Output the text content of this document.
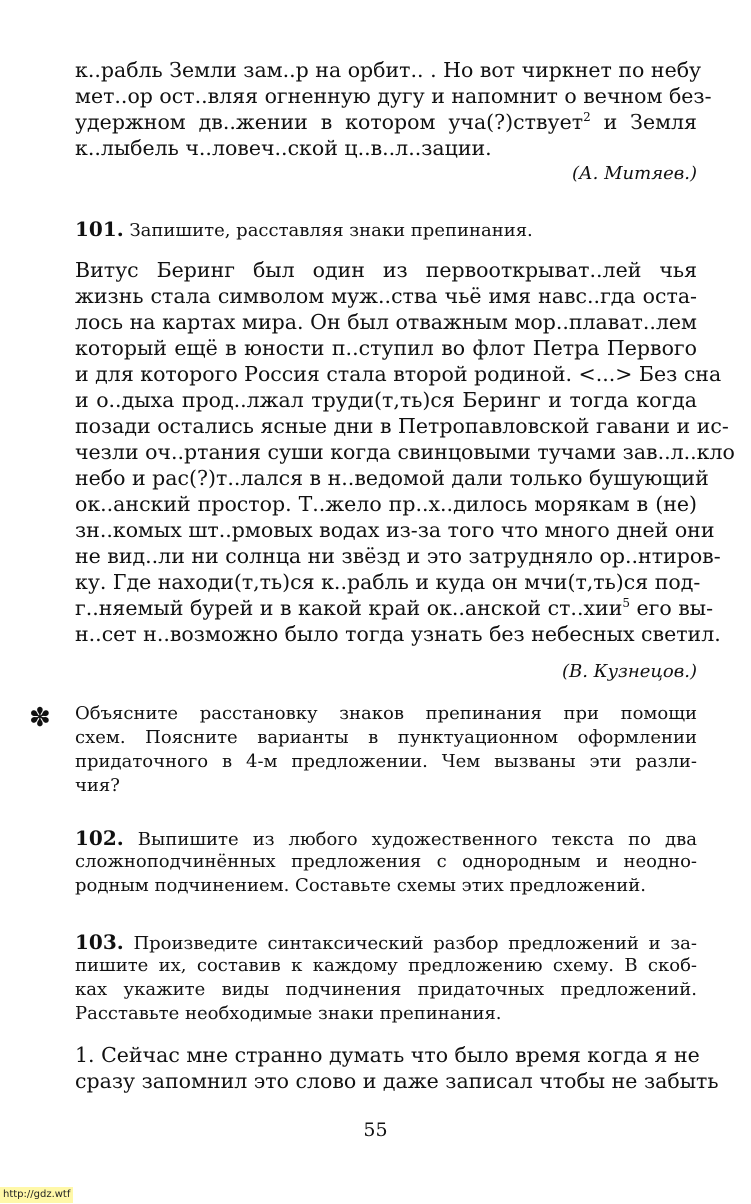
к..рабль Земли зам..р на орбит.. . Но вот чиркнет по небу
мет..ор ост..вляя огненную дугу и напомнит о вечном без-
удержном дв..жении в котором уча(?)ствует$^2$ и Земля
к..лыбель ч..ловеч..ской ц..в..л..зации.
(А. Митяев.)
101. Запишите, расставляя знаки препинания.
Витус Беринг был один из первооткрыват..лей чья
жизнь стала символом муж..ства чьё имя навс..гда оста-
лось на картах мира. Он был отважным мор..плават..лем
который ещё в юности п..ступил во флот Петра Первого
и для которого Россия стала второй родиной. <...> Без сна
и о..дыха прод..лжал труди(т,ть)ся Беринг и тогда когда
позади остались ясные дни в Петропавловской гавани и ис-
чезли оч..ртания суши когда свинцовыми тучами зав..л..кло
небо и рас(?)т..лался в н..ведомой дали только бушующий
ок..анский простор. Т..жело пр..х..дилось морякам в (не)
зн..комых шт..рмовых водах из-за того что много дней они
не вид..ли ни солнца ни звёзд и это затрудняло ор..нтиров-
ку. Где находи(т,ть)ся к..рабль и куда он мчи(т,ть)ся под-
г..няемый бурей и в какой край ок..анской ст..хии$^5$ его вы-
н..сет н..возможно было тогда узнать без небесных светил.
(В. Кузнецов.)
✽ Объясните расстановку знаков препинания при помощи
схем. Поясните варианты в пунктуационном оформлении
придаточного в 4-м предложении. Чем вызваны эти разли-
чия?
102. Выпишите из любого художественного текста по два
сложноподчинённых предложения с однородным и неодно-
родным подчинением. Составьте схемы этих предложений.
103. Произведите синтаксический разбор предложений и за-
пишите их, составив к каждому предложению схему. В скоб-
ках укажите виды подчинения придаточных предложений.
Расставьте необходимые знаки препинания.
1. Сейчас мне странно думать что было время когда я не
сразу запомнил это слово и даже записал чтобы не забыть
55
http://gdz.wtf
